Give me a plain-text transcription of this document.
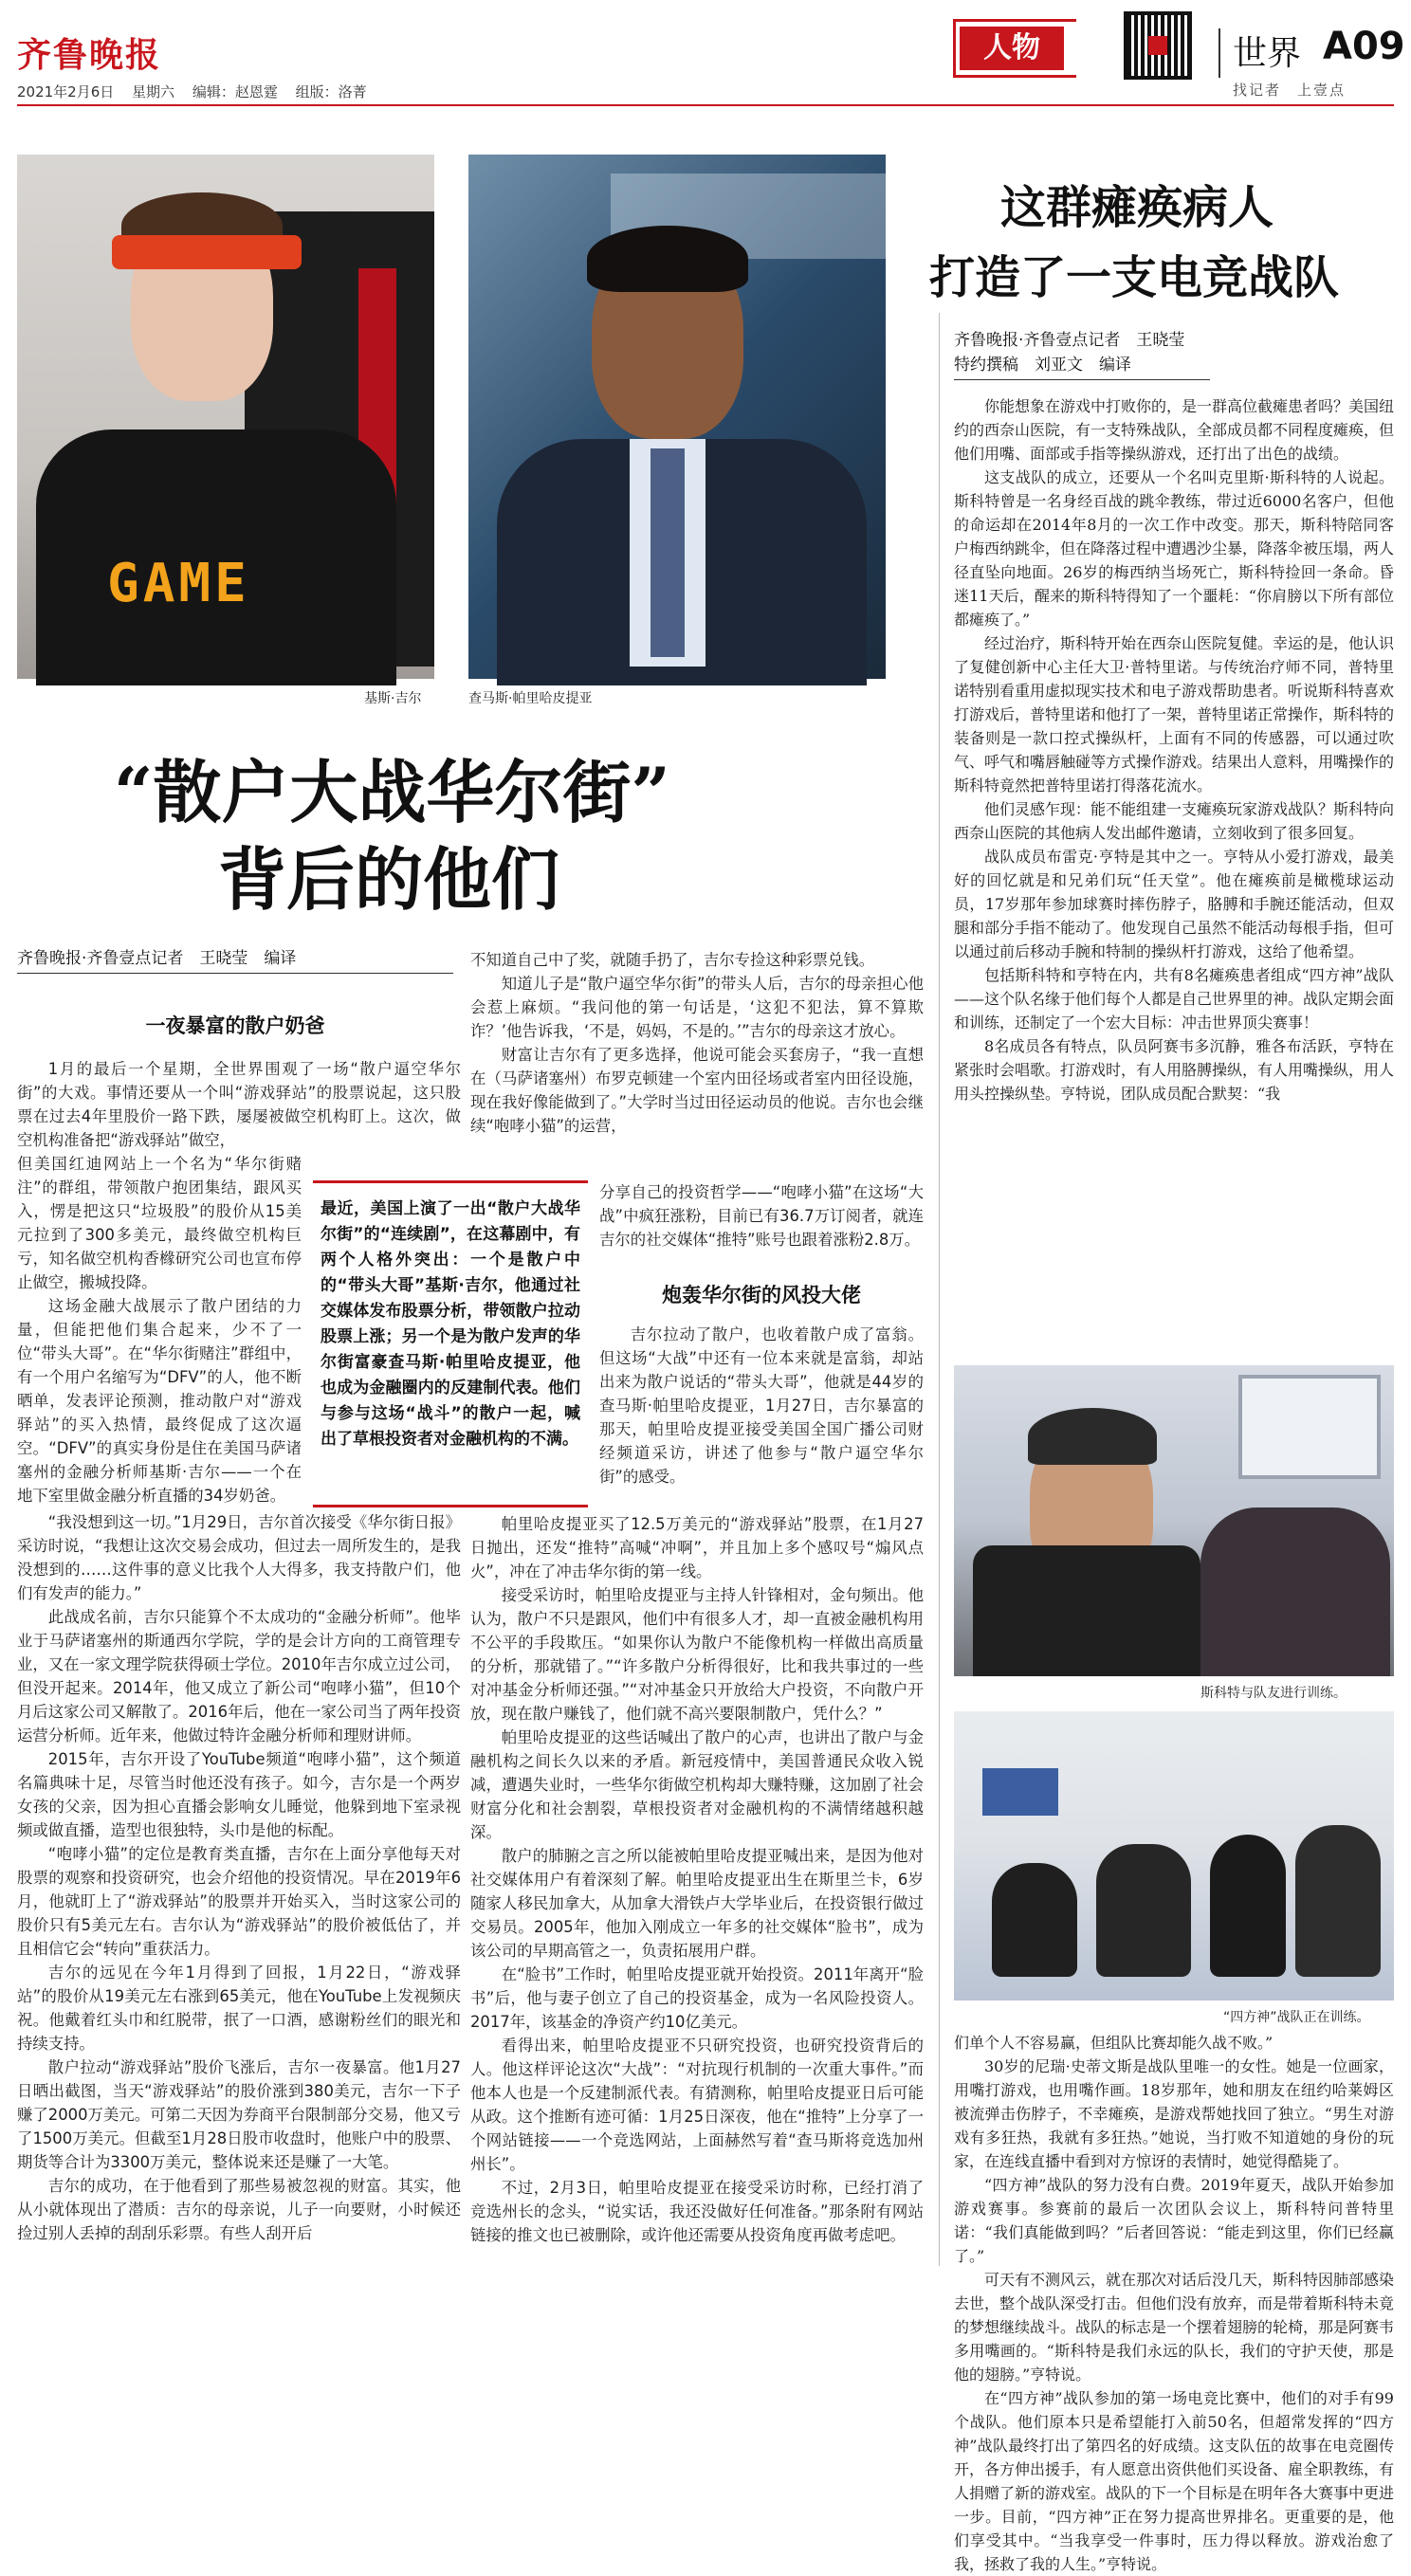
齐鲁晚报
2021年2月6日 星期六 编辑：赵恩霆 组版：洛菁
人物	世界 A09
找记者　上壹点
GAME
基斯·吉尔	查马斯·帕里哈皮提亚
这群瘫痪病人
打造了一支电竞战队
齐鲁晚报·齐鲁壹点记者　王晓莹
特约撰稿　刘亚文　编译

你能想象在游戏中打败你的，是一群高位截瘫患者吗？美国纽约的西奈山医院，有一支特殊战队，全部成员都不同程度瘫痪，但他们用嘴、面部或手指等操纵游戏，还打出了出色的战绩。

这支战队的成立，还要从一个名叫克里斯·斯科特的人说起。斯科特曾是一名身经百战的跳伞教练，带过近6000名客户，但他的命运却在2014年8月的一次工作中改变。那天，斯科特陪同客户梅西纳跳伞，但在降落过程中遭遇沙尘暴，降落伞被压塌，两人径直坠向地面。26岁的梅西纳当场死亡，斯科特捡回一条命。昏迷11天后，醒来的斯科特得知了一个噩耗：“你肩膀以下所有部位都瘫痪了。”

经过治疗，斯科特开始在西奈山医院复健。幸运的是，他认识了复健创新中心主任大卫·普特里诺。与传统治疗师不同，普特里诺特别看重用虚拟现实技术和电子游戏帮助患者。听说斯科特喜欢打游戏后，普特里诺和他打了一架，普特里诺正常操作，斯科特的装备则是一款口控式操纵杆，上面有不同的传感器，可以通过吹气、呼气和嘴唇触碰等方式操作游戏。结果出人意料，用嘴操作的斯科特竟然把普特里诺打得落花流水。

他们灵感乍现：能不能组建一支瘫痪玩家游戏战队？斯科特向西奈山医院的其他病人发出邮件邀请，立刻收到了很多回复。

战队成员布雷克·亨特是其中之一。亨特从小爱打游戏，最美好的回忆就是和兄弟们玩“任天堂”。他在瘫痪前是橄榄球运动员，17岁那年参加球赛时摔伤脖子，胳膊和手腕还能活动，但双腿和部分手指不能动了。他发现自己虽然不能活动每根手指，但可以通过前后移动手腕和特制的操纵杆打游戏，这给了他希望。

包括斯科特和亨特在内，共有8名瘫痪患者组成“四方神”战队——这个队名缘于他们每个人都是自己世界里的神。战队定期会面和训练，还制定了一个宏大目标：冲击世界顶尖赛事！

8名成员各有特点，队员阿赛韦多沉静，雅各布活跃，亨特在紧张时会唱歌。打游戏时，有人用胳膊操纵，有人用嘴操纵，用人用头控操纵垫。亨特说，团队成员配合默契：“我

斯科特与队友进行训练。
“四方神”战队正在训练。

们单个人不容易赢，但组队比赛却能久战不败。”

30岁的尼瑞·史蒂文斯是战队里唯一的女性。她是一位画家，用嘴打游戏，也用嘴作画。18岁那年，她和朋友在纽约哈莱姆区被流弹击伤脖子，不幸瘫痪，是游戏帮她找回了独立。“男生对游戏有多狂热，我就有多狂热。”她说，当打败不知道她的身份的玩家，在连线直播中看到对方惊讶的表情时，她觉得酷毙了。

“四方神”战队的努力没有白费。2019年夏天，战队开始参加游戏赛事。参赛前的最后一次团队会议上，斯科特问普特里诺：“我们真能做到吗？”后者回答说：“能走到这里，你们已经赢了。”

可天有不测风云，就在那次对话后没几天，斯科特因肺部感染去世，整个战队深受打击。但他们没有放弃，而是带着斯科特未竟的梦想继续战斗。战队的标志是一个摆着翅膀的轮椅，那是阿赛韦多用嘴画的。“斯科特是我们永远的队长，我们的守护天使，那是他的翅膀。”亨特说。

在“四方神”战队参加的第一场电竞比赛中，他们的对手有99个战队。他们原本只是希望能打入前50名，但超常发挥的“四方神”战队最终打出了第四名的好成绩。这支队伍的故事在电竞圈传开，各方伸出援手，有人愿意出资供他们买设备、雇全职教练，有人捐赠了新的游戏室。战队的下一个目标是在明年各大赛事中更进一步。目前，“四方神”正在努力提高世界排名。更重要的是，他们享受其中。“当我享受一件事时，压力得以释放。游戏治愈了我，拯救了我的人生。”亨特说。

“散户大战华尔街”
背后的他们
齐鲁晚报·齐鲁壹点记者　王晓莹　编译
一夜暴富的散户奶爸

1月的最后一个星期，全世界围观了一场“散户逼空华尔街”的大戏。事情还要从一个叫“游戏驿站”的股票说起，这只股票在过去4年里股价一路下跌，屡屡被做空机构盯上。这次，做空机构准备把“游戏驿站”做空，

但美国红迪网站上一个名为“华尔街赌注”的群组，带领散户抱团集结，跟风买入，愣是把这只“垃圾股”的股价从15美元拉到了300多美元，最终做空机构巨亏，知名做空机构香橼研究公司也宣布停止做空，搬城投降。

这场金融大战展示了散户团结的力量，但能把他们集合起来，少不了一位“带头大哥”。在“华尔街赌注”群组中，有一个用户名缩写为“DFV”的人，他不断晒单，发表评论预测，推动散户对“游戏驿站”的买入热情，最终促成了这次逼空。“DFV”的真实身份是住在美国马萨诸塞州的金融分析师基斯·吉尔——一个在地下室里做金融分析直播的34岁奶爸。

最近，美国上演了一出“散户大战华尔街”的“连续剧”，在这幕剧中，有两个人格外突出：一个是散户中的“带头大哥”基斯·吉尔，他通过社交媒体发布股票分析，带领散户拉动股票上涨；另一个是为散户发声的华尔街富豪查马斯·帕里哈皮提亚，他也成为金融圈内的反建制代表。他们与参与这场“战斗”的散户一起，喊出了草根投资者对金融机构的不满。

“我没想到这一切。”1月29日，吉尔首次接受《华尔街日报》采访时说，“我想让这次交易会成功，但过去一周所发生的，是我没想到的……这件事的意义比我个人大得多，我支持散户们，他们有发声的能力。”

此战成名前，吉尔只能算个不太成功的“金融分析师”。他毕业于马萨诸塞州的斯通西尔学院，学的是会计方向的工商管理专业，又在一家文理学院获得硕士学位。2010年吉尔成立过公司，但没开起来。2014年，他又成立了新公司“咆哮小猫”，但10个月后这家公司又解散了。2016年后，他在一家公司当了两年投资运营分析师。近年来，他做过特许金融分析师和理财讲师。

2015年，吉尔开设了YouTube频道“咆哮小猫”，这个频道名篇典味十足，尽管当时他还没有孩子。如今，吉尔是一个两岁女孩的父亲，因为担心直播会影响女儿睡觉，他躲到地下室录视频或做直播，造型也很独特，头巾是他的标配。

“咆哮小猫”的定位是教育类直播，吉尔在上面分享他每天对股票的观察和投资研究，也会介绍他的投资情况。早在2019年6月，他就盯上了“游戏驿站”的股票并开始买入，当时这家公司的股价只有5美元左右。吉尔认为“游戏驿站”的股价被低估了，并且相信它会“转向”重获活力。

吉尔的远见在今年1月得到了回报，1月22日，“游戏驿站”的股价从19美元左右涨到65美元，他在YouTube上发视频庆祝。他戴着红头巾和红脱带，抿了一口酒，感谢粉丝们的眼光和持续支持。

散户拉动“游戏驿站”股价飞涨后，吉尔一夜暴富。他1月27日晒出截图，当天“游戏驿站”的股价涨到380美元，吉尔一下子赚了2000万美元。可第二天因为券商平台限制部分交易，他又亏了1500万美元。但截至1月28日股市收盘时，他账户中的股票、期货等合计为3300万美元，整体说来还是赚了一大笔。

吉尔的成功，在于他看到了那些易被忽视的财富。其实，他从小就体现出了潜质：吉尔的母亲说，儿子一向要财，小时候还捡过别人丢掉的刮刮乐彩票。有些人刮开后

不知道自己中了奖，就随手扔了，吉尔专捡这种彩票兑钱。

知道儿子是“散户逼空华尔街”的带头人后，吉尔的母亲担心他会惹上麻烦。“我问他的第一句话是，‘这犯不犯法，算不算欺诈？’他告诉我，‘不是，妈妈，不是的。’”吉尔的母亲这才放心。

财富让吉尔有了更多选择，他说可能会买套房子，“我一直想在（马萨诸塞州）布罗克顿建一个室内田径场或者室内田径设施，现在我好像能做到了。”大学时当过田径运动员的他说。吉尔也会继续“咆哮小猫”的运营，

分享自己的投资哲学——“咆哮小猫”在这场“大战”中疯狂涨粉，目前已有36.7万订阅者，就连吉尔的社交媒体“推特”账号也跟着涨粉2.8万。

炮轰华尔街的风投大佬

吉尔拉动了散户，也收着散户成了富翁。但这场“大战”中还有一位本来就是富翁，却站出来为散户说话的“带头大哥”，他就是44岁的查马斯·帕里哈皮提亚，1月27日，吉尔暴富的那天，帕里哈皮提亚接受美国全国广播公司财经频道采访，讲述了他参与“散户逼空华尔街”的感受。

帕里哈皮提亚买了12.5万美元的“游戏驿站”股票，在1月27日抛出，还发“推特”高喊“冲啊”，并且加上多个感叹号“煽风点火”，冲在了冲击华尔街的第一线。

接受采访时，帕里哈皮提亚与主持人针锋相对，金句频出。他认为，散户不只是跟风，他们中有很多人才，却一直被金融机构用不公平的手段欺压。“如果你认为散户不能像机构一样做出高质量的分析，那就错了。”“许多散户分析得很好，比和我共事过的一些对冲基金分析师还强。”“对冲基金只开放给大户投资，不向散户开放，现在散户赚钱了，他们就不高兴要限制散户，凭什么？”

帕里哈皮提亚的这些话喊出了散户的心声，也讲出了散户与金融机构之间长久以来的矛盾。新冠疫情中，美国普通民众收入锐减，遭遇失业时，一些华尔街做空机构却大赚特赚，这加剧了社会财富分化和社会割裂，草根投资者对金融机构的不满情绪越积越深。

散户的肺腑之言之所以能被帕里哈皮提亚喊出来，是因为他对社交媒体用户有着深刻了解。帕里哈皮提亚出生在斯里兰卡，6岁随家人移民加拿大，从加拿大滑铁卢大学毕业后，在投资银行做过交易员。2005年，他加入刚成立一年多的社交媒体“脸书”，成为该公司的早期高管之一，负责拓展用户群。

在“脸书”工作时，帕里哈皮提亚就开始投资。2011年离开“脸书”后，他与妻子创立了自己的投资基金，成为一名风险投资人。2017年，该基金的净资产约10亿美元。

看得出来，帕里哈皮提亚不只研究投资，也研究投资背后的人。他这样评论这次“大战”：“对抗现行机制的一次重大事件。”而他本人也是一个反建制派代表。有猜测称，帕里哈皮提亚日后可能从政。这个推断有迹可循：1月25日深夜，他在“推特”上分享了一个网站链接——一个竞选网站，上面赫然写着“查马斯将竞选加州州长”。

不过，2月3日，帕里哈皮提亚在接受采访时称，已经打消了竞选州长的念头，“说实话，我还没做好任何准备。”那条附有网站链接的推文也已被删除，或许他还需要从投资角度再做考虑吧。
